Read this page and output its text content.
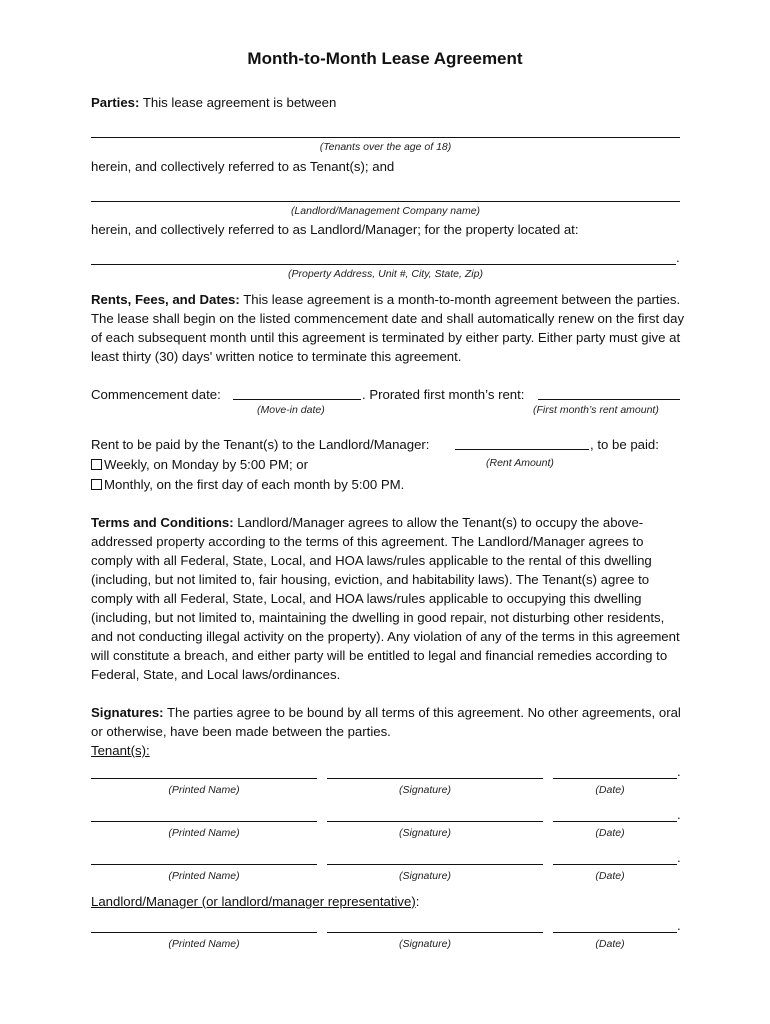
Month-to-Month Lease Agreement
Parties: This lease agreement is between
(Tenants over the age of 18)
herein, and collectively referred to as Tenant(s); and
(Landlord/Management Company name)
herein, and collectively referred to as Landlord/Manager; for the property located at:
.
(Property Address, Unit #, City, State, Zip)
Rents, Fees, and Dates: This lease agreement is a month-to-month agreement between the parties. The lease shall begin on the listed commencement date and shall automatically renew on the first day of each subsequent month until this agreement is terminated by either party. Either party must give at least thirty (30) days' written notice to terminate this agreement.
Commencement date:	. Prorated first month’s rent:
(Move-in date)	(First month’s rent amount)
Rent to be paid by the Tenant(s) to the Landlord/Manager:	, to be paid:
Weekly, on Monday by 5:00 PM; or	(Rent Amount)
Monthly, on the first day of each month by 5:00 PM.
Terms and Conditions: Landlord/Manager agrees to allow the Tenant(s) to occupy the above-addressed property according to the terms of this agreement. The Landlord/Manager agrees to comply with all Federal, State, Local, and HOA laws/rules applicable to the rental of this dwelling (including, but not limited to, fair housing, eviction, and habitability laws). The Tenant(s) agree to comply with all Federal, State, Local, and HOA laws/rules applicable to occupying this dwelling (including, but not limited to, maintaining the dwelling in good repair, not disturbing other residents, and not conducting illegal activity on the property). Any violation of any of the terms in this agreement will constitute a breach, and either party will be entitled to legal and financial remedies according to Federal, State, and Local laws/ordinances.
Signatures: The parties agree to be bound by all terms of this agreement. No other agreements, oral or otherwise, have been made between the parties.
Tenant(s):
.
(Printed Name)	(Signature)	(Date)
.
(Printed Name)	(Signature)	(Date)
.
(Printed Name)	(Signature)	(Date)
Landlord/Manager (or landlord/manager representative):
.
(Printed Name)	(Signature)	(Date)
